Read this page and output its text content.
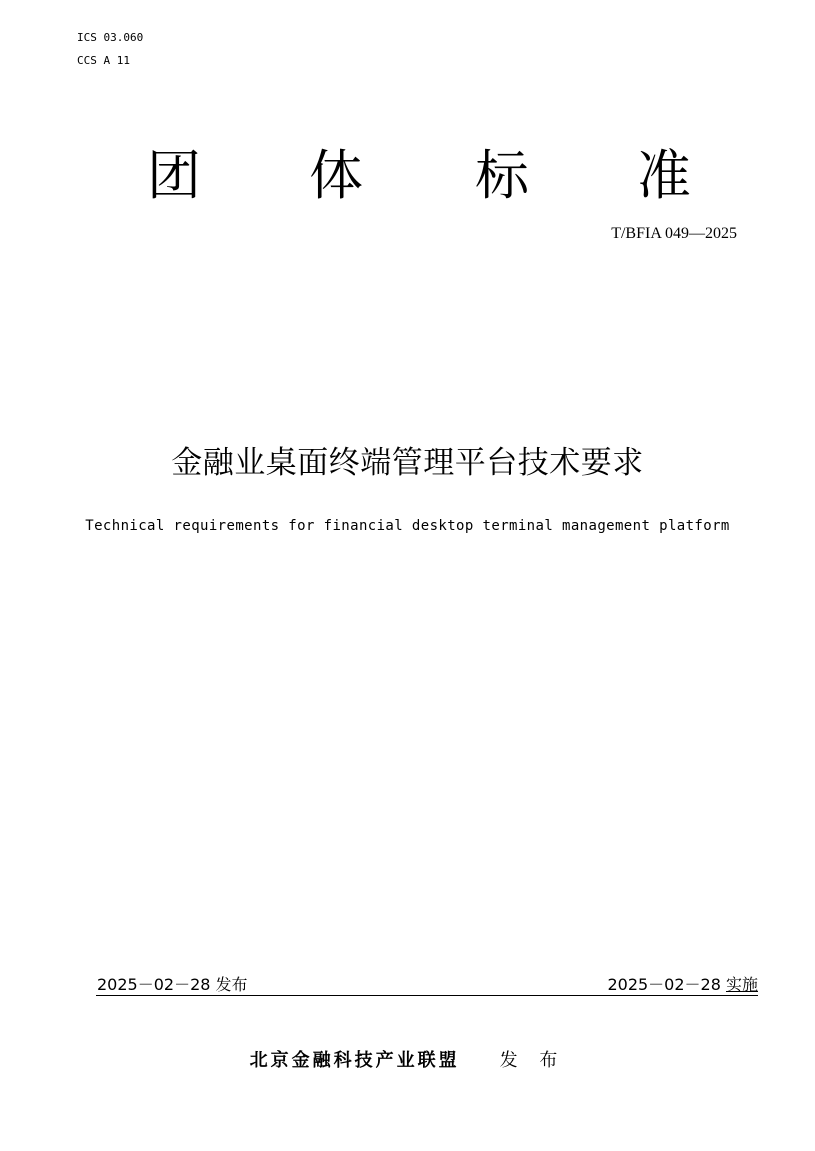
ICS 03.060
CCS A 11
团 体 标 准
T/BFIA 049—2025
金融业桌面终端管理平台技术要求
Technical requirements for financial desktop terminal management platform
2025－02－28 发布	2025－02－28 实施
北京金融科技产业联盟 发 布
